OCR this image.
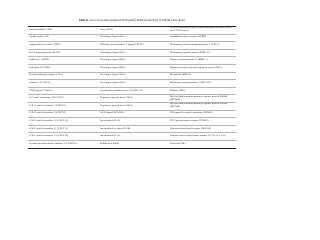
Table S1. List of all proteins included in the ProseekⓇ Multiplex Oncology I v2 96×96 Cancer Panel.
Adrenomedullin (AM)	Furin (FUR)	Latency-associated peptide transforming growth factor beta-1 (LAP TGF-beta-1)
Amphiregulin (AR)	Fas antigen ligand (FasL)	Lymphotoxin-beta receptor (LTBR)
Angiopoietin-1 receptor (TIE2)	FMS-like tyrosine kinase 3 ligand (FLT3L)	Macrophage colony-stimulating factor 1 (CSF-1)
B-cell activating factor (BAFF)	Fas antigen ligand (FasL)	Macrophage metalloelastase (MMP-12)
Cadherin-3 (CDH3)	Fas antigen ligand (FasL)	Matrix metalloproteinase-1 (MMP-1)
Cathepsin D (CTSD)	Fas antigen ligand (FasL)	Melanoma-derived growth regulatory protein (MIA)
Carcinoembryonic antigen (CEA)	Fas antigen ligand (FasL)	Mesothelin (MSLN)
Caspase-3 (CASP-3)	Fas antigen ligand (FasL)	Methionine aminopeptidase 2 (METAP2)
CD40 ligand (CD40-L)	Growth/differentiation factor 15 (GDF-15)	Midkine (MK)
C-C motif chemokine 19 (CCL19)	Hepatocyte growth factor (HGF)	Myeloid differentiation primary response protein MyD88 (MYD88)
C-X-C motif chemokine 5 (CXCL5)	Hepatocyte growth factor (HGF)	Myeloid differentiation primary response protein MyD88 (MYD88)
C-X-C motif chemokine 9 (CXCL9)	ICOS ligand (ICOSLG)	NF-kappa-B essential modulator (NEMO)
C-X-C motif chemokine 10 (CXCL10)	Interleukin-6 (IL-6)	NT-3 growth factor receptor (NTRK3)
C-X-C motif chemokine 11 (CXCL11)	Interleukin-6 receptor (IL-6R)	Osteoclast-associated receptor (OSCAR)
C-X-C motif chemokine 13 (CXCL13)	Interleukin-8 (IL-8)	Ovarian cancer-related tumor marker CA 125 (CA-125)
Cyclin-dependent kinase inhibitor 1 (CDKN1A)	Kallikrein-6 (hK6)	Prolactin (PRL)
